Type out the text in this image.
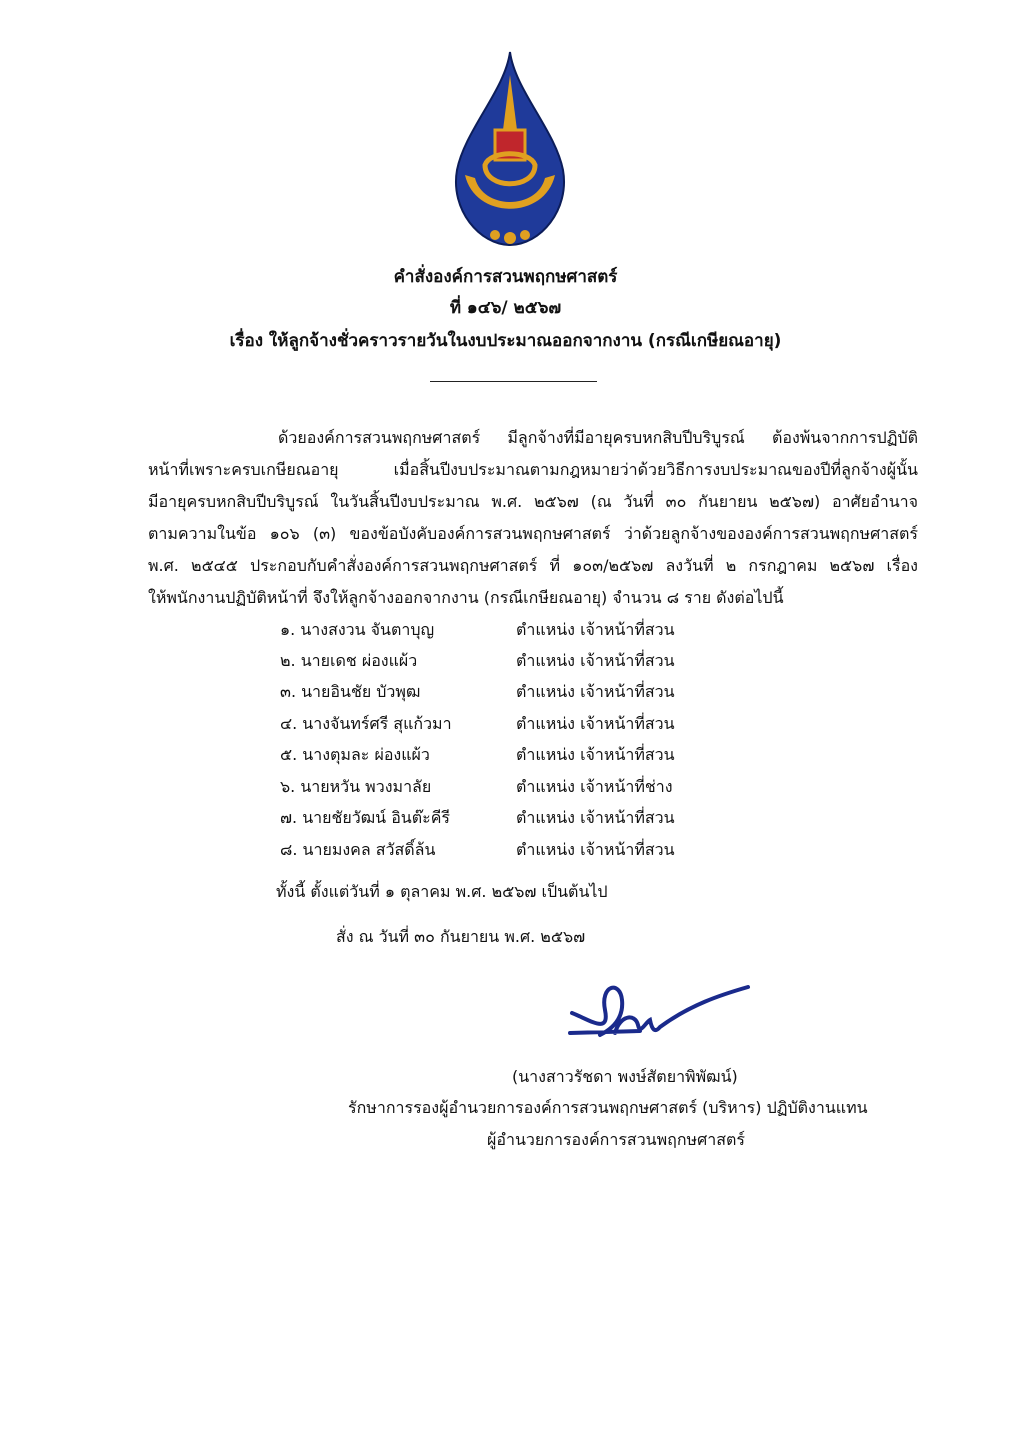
คำสั่งองค์การสวนพฤกษศาสตร์
ที่ ๑๔๖/ ๒๕๖๗
เรื่อง ให้ลูกจ้างชั่วคราวรายวันในงบประมาณออกจากงาน (กรณีเกษียณอายุ)
ด้วยองค์การสวนพฤกษศาสตร์ มีลูกจ้างที่มีอายุครบหกสิบปีบริบูรณ์ ต้องพ้นจากการปฏิบัติ
หน้าที่เพราะครบเกษียณอายุ เมื่อสิ้นปีงบประมาณตามกฎหมายว่าด้วยวิธีการงบประมาณของปีที่ลูกจ้างผู้นั้น
มีอายุครบหกสิบปีบริบูรณ์ ในวันสิ้นปีงบประมาณ พ.ศ. ๒๕๖๗ (ณ วันที่ ๓๐ กันยายน ๒๕๖๗) อาศัยอำนาจ
ตามความในข้อ ๑๐๖ (๓) ของข้อบังคับองค์การสวนพฤกษศาสตร์ ว่าด้วยลูกจ้างขององค์การสวนพฤกษศาสตร์
พ.ศ. ๒๕๔๕ ประกอบกับคำสั่งองค์การสวนพฤกษศาสตร์ ที่ ๑๐๓/๒๕๖๗ ลงวันที่ ๒ กรกฎาคม ๒๕๖๗ เรื่อง
ให้พนักงานปฏิบัติหน้าที่ จึงให้ลูกจ้างออกจากงาน (กรณีเกษียณอายุ) จำนวน ๘ ราย ดังต่อไปนี้
๑. นางสงวน จันตาบุญ	ตำแหน่ง เจ้าหน้าที่สวน
๒. นายเดช ผ่องแผ้ว	ตำแหน่ง เจ้าหน้าที่สวน
๓. นายอินชัย บัวพุฒ	ตำแหน่ง เจ้าหน้าที่สวน
๔. นางจันทร์ศรี สุแก้วมา	ตำแหน่ง เจ้าหน้าที่สวน
๕. นางตุมละ ผ่องแผ้ว	ตำแหน่ง เจ้าหน้าที่สวน
๖. นายหวัน พวงมาลัย	ตำแหน่ง เจ้าหน้าที่ช่าง
๗. นายชัยวัฒน์ อินต๊ะคีรี	ตำแหน่ง เจ้าหน้าที่สวน
๘. นายมงคล สวัสดิ์ล้น	ตำแหน่ง เจ้าหน้าที่สวน
ทั้งนี้ ตั้งแต่วันที่ ๑ ตุลาคม พ.ศ. ๒๕๖๗ เป็นต้นไป
สั่ง ณ วันที่ ๓๐ กันยายน พ.ศ. ๒๕๖๗
(นางสาวรัชดา พงษ์สัตยาพิพัฒน์)
รักษาการรองผู้อำนวยการองค์การสวนพฤกษศาสตร์ (บริหาร) ปฏิบัติงานแทน
ผู้อำนวยการองค์การสวนพฤกษศาสตร์
